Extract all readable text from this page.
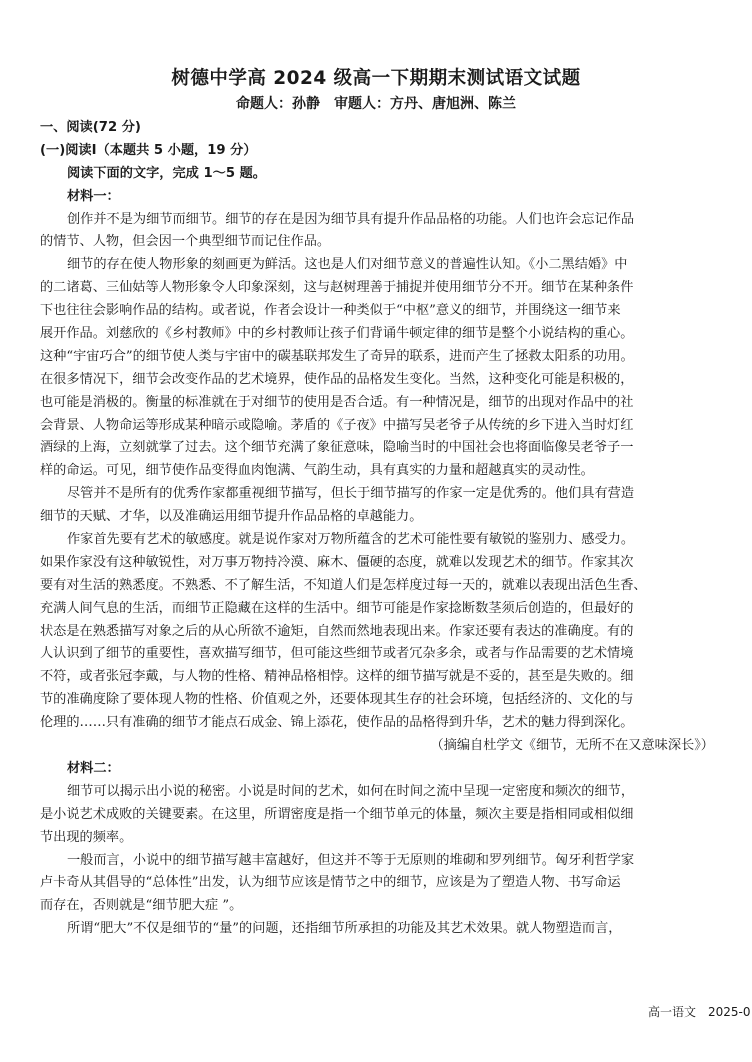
树德中学高 2024 级高一下期期末测试语文试题
命题人：孙静　审题人：方丹、唐旭洲、陈兰
一、阅读(72 分)
(一)阅读Ⅰ（本题共 5 小题，19 分）
阅读下面的文字，完成 1～5 题。
材料一：
创作并不是为细节而细节。细节的存在是因为细节具有提升作品品格的功能。人们也许会忘记作品
的情节、人物，但会因一个典型细节而记住作品。
细节的存在使人物形象的刻画更为鲜活。这也是人们对细节意义的普遍性认知。《小二黑结婚》中
的二诸葛、三仙姑等人物形象令人印象深刻，这与赵树理善于捕捉并使用细节分不开。细节在某种条件
下也往往会影响作品的结构。或者说，作者会设计一种类似于“中枢”意义的细节，并围绕这一细节来
展开作品。刘慈欣的《乡村教师》中的乡村教师让孩子们背诵牛顿定律的细节是整个小说结构的重心。
这种“宇宙巧合”的细节使人类与宇宙中的碳基联邦发生了奇异的联系，进而产生了拯救太阳系的功用。
在很多情况下，细节会改变作品的艺术境界，使作品的品格发生变化。当然，这种变化可能是积极的，
也可能是消极的。衡量的标准就在于对细节的使用是否合适。有一种情况是，细节的出现对作品中的社
会背景、人物命运等形成某种暗示或隐喻。茅盾的《子夜》中描写吴老爷子从传统的乡下进入当时灯红
酒绿的上海，立刻就掌了过去。这个细节充满了象征意味，隐喻当时的中国社会也将面临像吴老爷子一
样的命运。可见，细节使作品变得血肉饱满、气韵生动，具有真实的力量和超越真实的灵动性。
尽管并不是所有的优秀作家都重视细节描写，但长于细节描写的作家一定是优秀的。他们具有营造
细节的天赋、才华，以及准确运用细节提升作品品格的卓越能力。
作家首先要有艺术的敏感度。就是说作家对万物所蕴含的艺术可能性要有敏锐的鉴别力、感受力。
如果作家没有这种敏锐性，对万事万物持冷漠、麻木、僵硬的态度，就难以发现艺术的细节。作家其次
要有对生活的熟悉度。不熟悉、不了解生活，不知道人们是怎样度过每一天的，就难以表现出活色生香、
充满人间气息的生活，而细节正隐藏在这样的生活中。细节可能是作家捻断数茎须后创造的，但最好的
状态是在熟悉描写对象之后的从心所欲不逾矩，自然而然地表现出来。作家还要有表达的准确度。有的
人认识到了细节的重要性，喜欢描写细节，但可能这些细节或者冗杂多余，或者与作品需要的艺术情境
不符，或者张冠李戴，与人物的性格、精神品格相悖。这样的细节描写就是不妥的，甚至是失败的。细
节的准确度除了要体现人物的性格、价值观之外，还要体现其生存的社会环境，包括经济的、文化的与
伦理的……只有准确的细节才能点石成金、锦上添花，使作品的品格得到升华，艺术的魅力得到深化。
（摘编自杜学文《细节，无所不在又意味深长》）
材料二：
细节可以揭示出小说的秘密。小说是时间的艺术，如何在时间之流中呈现一定密度和频次的细节，
是小说艺术成败的关键要素。在这里，所谓密度是指一个细节单元的体量，频次主要是指相同或相似细
节出现的频率。
一般而言，小说中的细节描写越丰富越好，但这并不等于无原则的堆砌和罗列细节。匈牙利哲学家
卢卡奇从其倡导的“总体性”出发，认为细节应该是情节之中的细节，应该是为了塑造人物、书写命运
而存在，否则就是“细节肥大症 ”。
所谓“肥大”不仅是细节的“量”的问题，还指细节所承担的功能及其艺术效果。就人物塑造而言，
高一语文　2025-0
